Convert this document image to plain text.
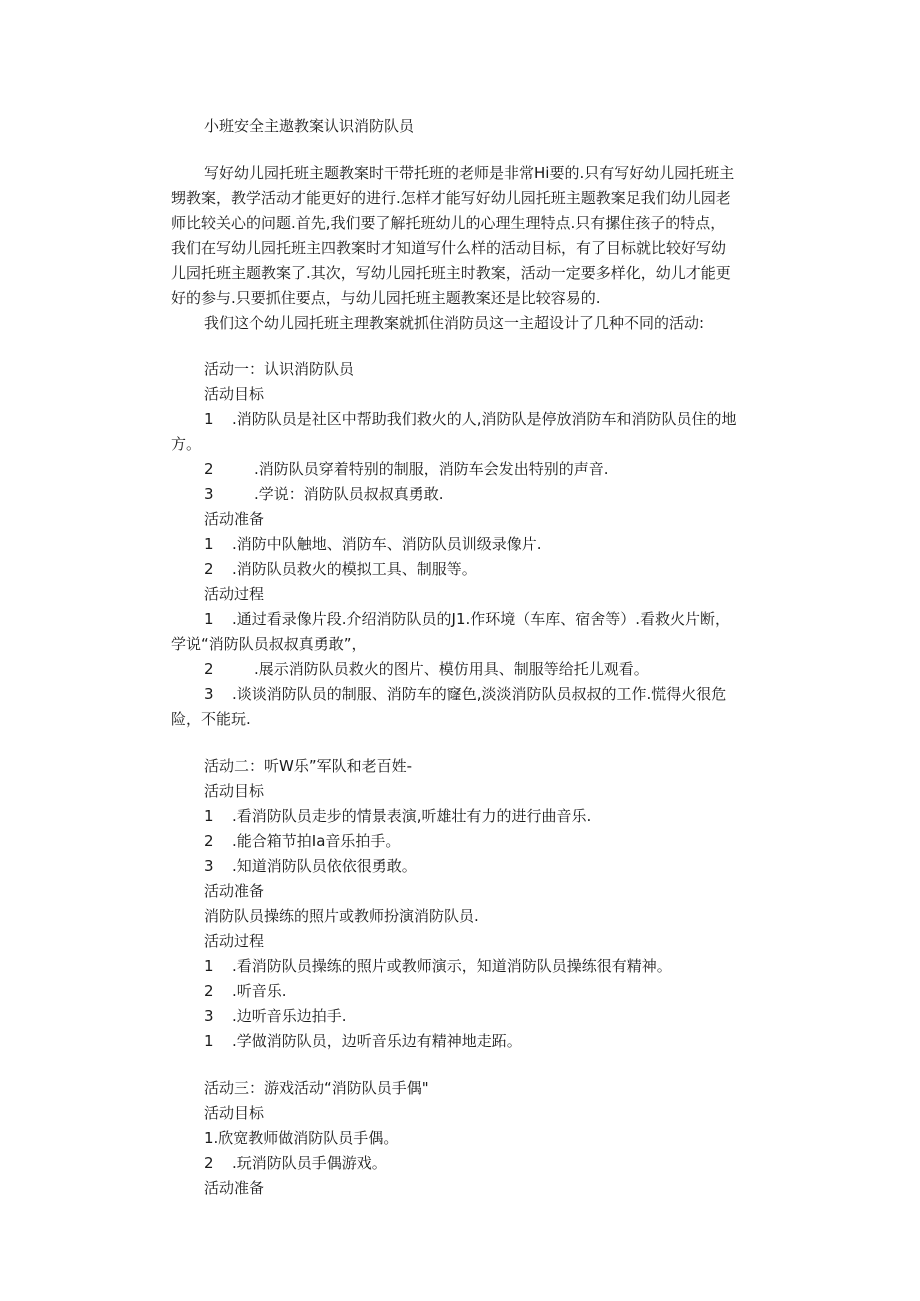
小班安全主遨教案认识消防队员
写好幼儿园托班主题教案时干带托班的老师是非常Hi要的.只有写好幼儿园托班主
甥教案，教学活动才能更好的进行.怎样才能写好幼儿园托班主题教案足我们幼儿园老
师比较关心的问题.首先,我们要了解托班幼儿的心理生理特点.只有摞住孩子的特点，
我们在写幼儿园托班主四教案时才知道写什么样的活动目标，有了目标就比较好写幼
儿园托班主题教案了.其次，写幼儿园托班主时教案，活动一定要多样化，幼儿才能更
好的参与.只要抓住要点，与幼儿园托班主题教案还是比较容易的.
我们这个幼儿园托班主理教案就抓住消防员这一主超设计了几种不同的活动:
活动一：认识消防队员
活动目标
1 .消防队员是社区中帮助我们救火的人,消防队是停放消防车和消防队员住的地
方。
2	.消防队员穿着特别的制服，消防车会发出特别的声音.
3	.学说：消防队员叔叔真勇敢.
活动准备
1 .消防中队触地、消防车、消防队员训级录像片.
2 .消防队员救火的模拟工具、制服等。
活动过程
1 .通过看录像片段.介绍消防队员的J1.作环境（车库、宿舍等）.看救火片断，
学说“消防队员叔叔真勇敢”，
2	.展示消防队员救火的图片、模仿用具、制服等给托儿观看。
3 .谈谈消防队员的制服、消防车的窿色,淡淡消防队员叔叔的工作.慌得火很危
险，不能玩.
活动二：听W乐”军队和老百姓-
活动目标
1 .看消防队员走步的情景表演,听雄壮有力的进行曲音乐.
2 .能合箱节拍Ia音乐拍手。
3 .知道消防队员依依很勇敢。
活动准备
消防队员操练的照片或教师扮演消防队员.
活动过程
1 .看消防队员操练的照片或教师演示，知道消防队员操练很有精神。
2 .听音乐.
3 .边听音乐边拍手.
1 .学做消防队员，边听音乐边有精神地走跖。
活动三：游戏活动“消防队员手偶"
活动目标
1.欣宽教师做消防队员手偶。
2 .玩消防队员手偶游戏。
活动准备
